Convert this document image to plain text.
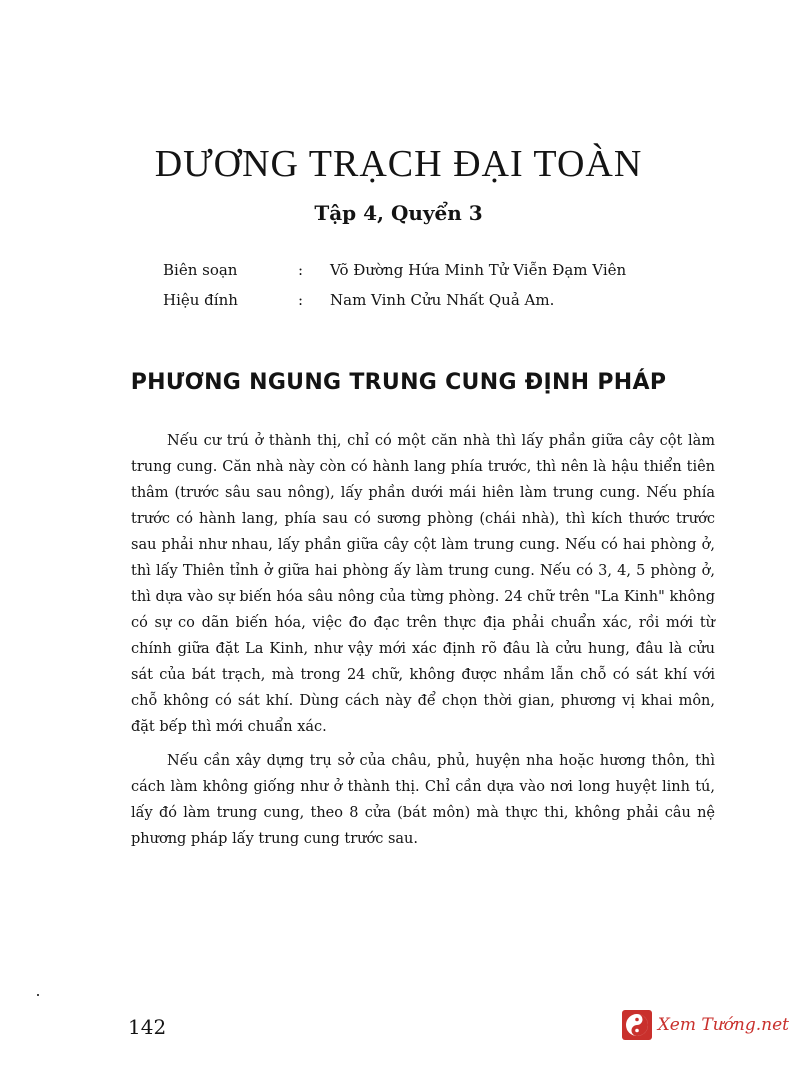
DƯƠNG TRẠCH ĐẠI TOÀN
Tập 4, Quyển 3
Biên soạn	:	Võ Đường Hứa Minh Tử Viễn Đạm Viên
Hiệu đính	:	Nam Vinh Cửu Nhất Quả Am.
PHƯƠNG NGUNG TRUNG CUNG ĐỊNH PHÁP

Nếu cư trú ở thành thị, chỉ có một căn nhà thì lấy phần giữa cây cột làm trung cung. Căn nhà này còn có hành lang phía trước, thì nên là hậu thiển tiên thâm (trước sâu sau nông), lấy phần dưới mái hiên làm trung cung. Nếu phía trước có hành lang, phía sau có sương phòng (chái nhà), thì kích thước trước sau phải như nhau, lấy phần giữa cây cột làm trung cung. Nếu có hai phòng ở, thì lấy Thiên tỉnh ở giữa hai phòng ấy làm trung cung. Nếu có 3, 4, 5 phòng ở, thì dựa vào sự biến hóa sâu nông của từng phòng. 24 chữ trên "La Kinh" không có sự co dãn biến hóa, việc đo đạc trên thực địa phải chuẩn xác, rồi mới từ chính giữa đặt La Kinh, như vậy mới xác định rõ đâu là cửu hung, đâu là cửu sát của bát trạch, mà trong 24 chữ, không được nhầm lẫn chỗ có sát khí với chỗ không có sát khí. Dùng cách này để chọn thời gian, phương vị khai môn, đặt bếp thì mới chuẩn xác.

Nếu cần xây dựng trụ sở của châu, phủ, huyện nha hoặc hương thôn, thì cách làm không giống như ở thành thị. Chỉ cần dựa vào nơi long huyệt linh tú, lấy đó làm trung cung, theo 8 cửa (bát môn) mà thực thi, không phải câu nệ phương pháp lấy trung cung trước sau.

142	Xem Tướng.net
